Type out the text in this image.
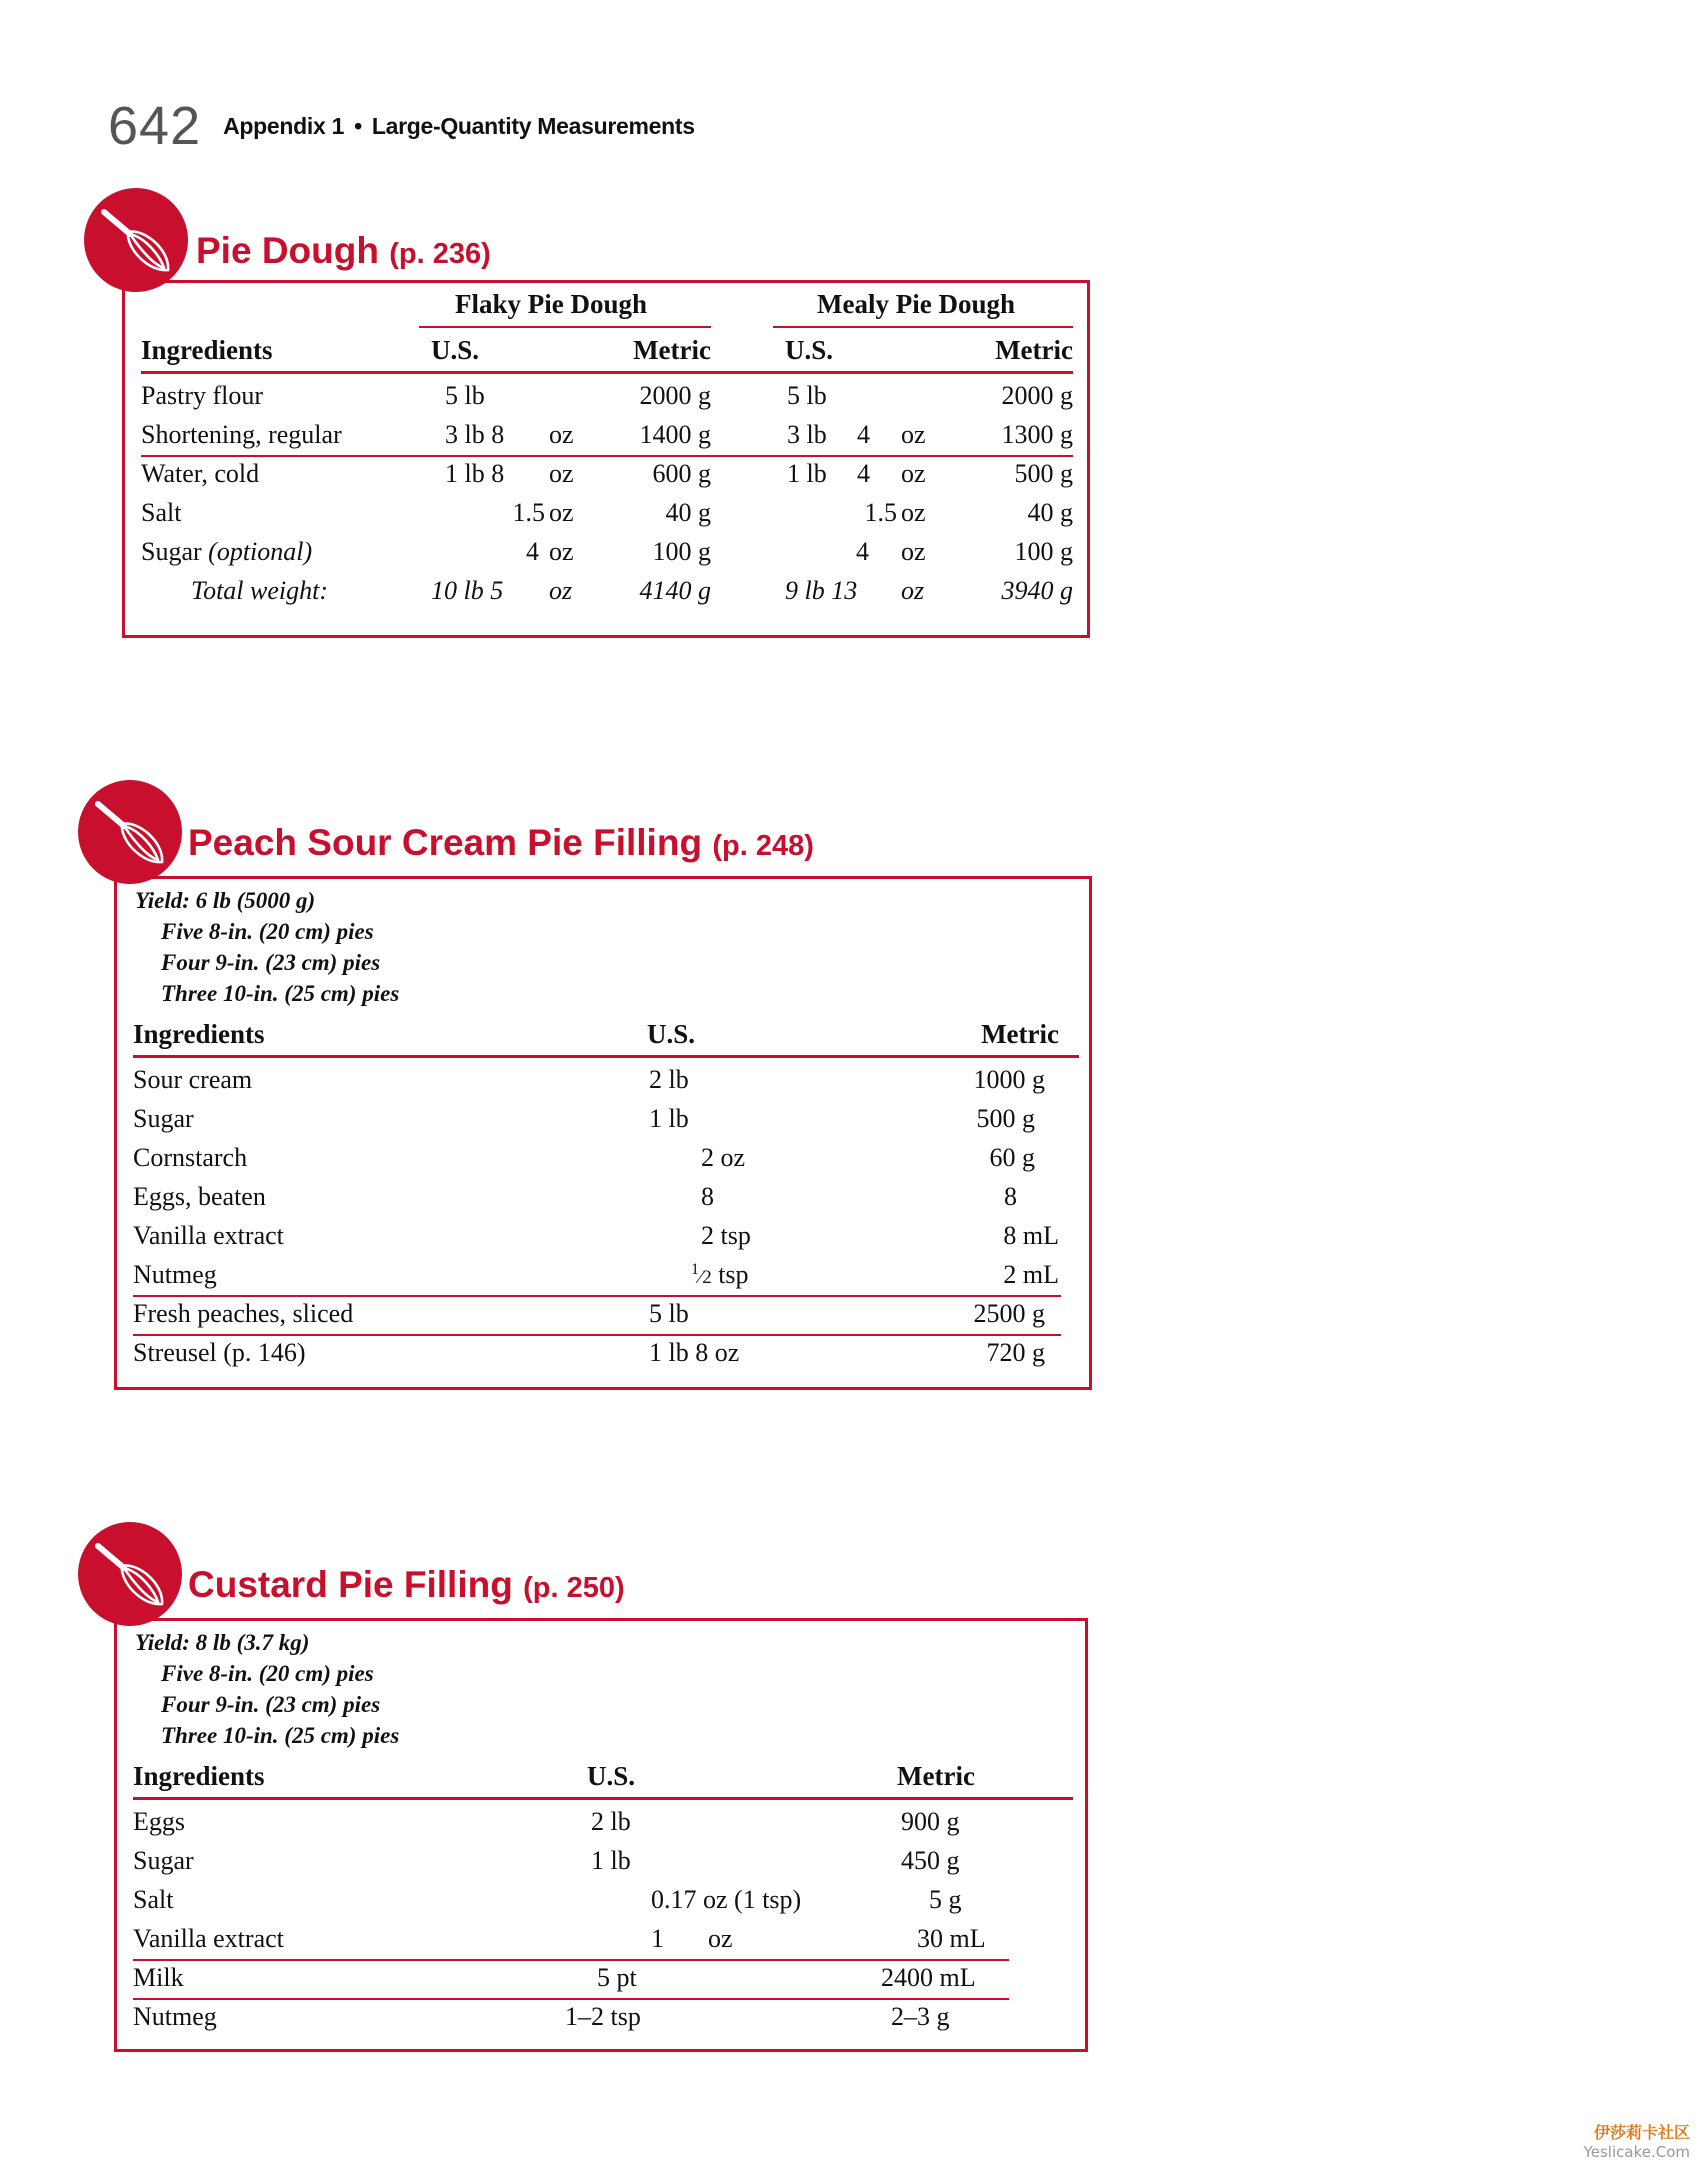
642 Appendix 1 • Large-Quantity Measurements
Pie Dough (p. 236)
Flaky Pie Dough	Mealy Pie Dough
Ingredients	U.S.	Metric	U.S.	Metric
Pastry flour	5 lb	2000 g	5 lb	2000 g
Shortening, regular	3 lb 8 oz	1400 g	3 lb 4 oz	1300 g
Water, cold	1 lb 8 oz	600 g	1 lb 4 oz	500 g
Salt	1.5 oz	40 g	1.5 oz	40 g
Sugar (optional)	4 oz	100 g	4 oz	100 g
Total weight:	10 lb 5 oz	4140 g	9 lb 13 oz	3940 g
Peach Sour Cream Pie Filling (p. 248)
Yield: 6 lb (5000 g)
Five 8-in. (20 cm) pies
Four 9-in. (23 cm) pies
Three 10-in. (25 cm) pies
Ingredients	U.S.	Metric
Sour cream	2 lb	1000 g
Sugar	1 lb	500 g
Cornstarch	2 oz	60 g
Eggs, beaten	8	8
Vanilla extract	2 tsp	8 mL
Nutmeg	$^1$⁄2 tsp	2 mL
Fresh peaches, sliced	5 lb	2500 g
Streusel (p. 146)	1 lb 8 oz	720 g
Custard Pie Filling (p. 250)
Yield: 8 lb (3.7 kg)
Five 8-in. (20 cm) pies
Four 9-in. (23 cm) pies
Three 10-in. (25 cm) pies
Ingredients	U.S.	Metric
Eggs	2 lb	900 g
Sugar	1 lb	450 g
Salt	0.17 oz (1 tsp)	5 g
Vanilla extract	1 oz	30 mL
Milk	5 pt	2400 mL
Nutmeg	1–2 tsp	2–3 g
伊莎莉卡社区
Yeslicake.Com
